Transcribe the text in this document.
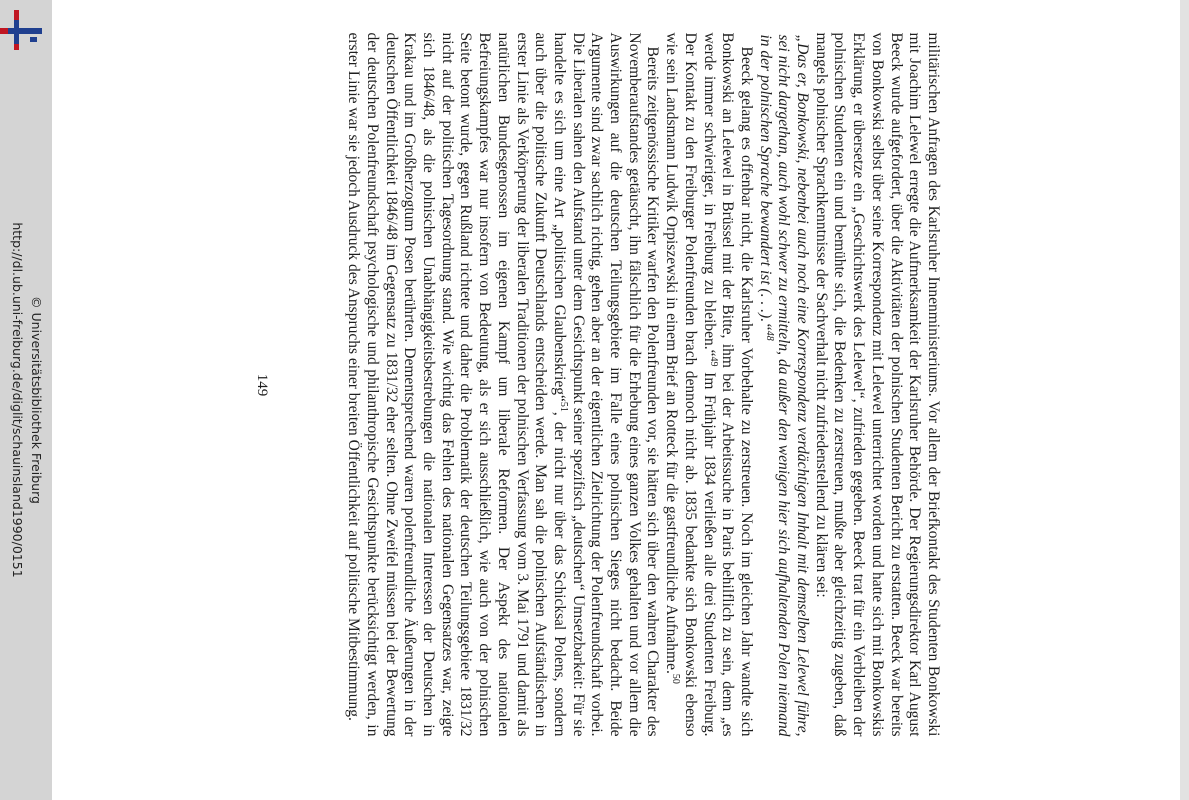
http://dl.ub.uni-freiburg.de/diglit/schauinsland1990/0151 © Universitätsbibliothek Freiburg	militärischen Anfragen des Karlsruher Innenministeriums. Vor allem der Briefkontakt des Studenten Bonkowski mit Joachim Lelewel erregte die Aufmerksamkeit der Karlsruher Behörde. Der Regierungsdirektor Karl August Beeck wurde aufgefordert, über die Aktivitäten der polnischen Studenten Bericht zu erstatten. Beeck war bereits von Bonkowski selbst über seine Korrespondenz mit Lelewel unterrichtet worden und hatte sich mit Bonkowskis Erklärung, er übersetze ein „Geschichtswerk des Lelewel“, zufrieden gegeben. Beeck trat für ein Verbleiben der polnischen Studenten ein und bemühte sich, die Bedenken zu zerstreuen, mußte aber gleichzeitig zugeben, daß mangels polnischer Sprachkenntnisse der Sachverhalt nicht zufriedenstellend zu klären sei:

„Das er, Bonkowski, nebenbei auch noch eine Korrespondenz verdächtigen Inhalt mit demselben Lelewel führe, sei nicht dargethan, auch wohl schwer zu ermitteln, da außer den wenigen hier sich aufhaltenden Polen niemand in der polnischen Sprache bewandert ist (. . .).“$^{48}$

Beeck gelang es offenbar nicht, die Karlsruher Vorbehalte zu zerstreuen. Noch im gleichen Jahr wandte sich Bonkowski an Lelewel in Brüssel mit der Bitte, ihm bei der Arbeitssuche in Paris behilflich zu sein, denn „es werde immer schwieriger, in Freiburg zu bleiben.“$^{49}$ Im Frühjahr 1834 verließen alle drei Studenten Freiburg. Der Kontakt zu den Freiburger Polenfreunden brach dennoch nicht ab. 1835 bedankte sich Bonkowski ebenso wie sein Landsmann Ludwik Orpiszewski in einem Brief an Rotteck für die gastfreundliche Aufnahme.$^{50}$

Bereits zeitgenössische Kritiker warfen den Polenfreunden vor, sie hätten sich über den wahren Charakter des Novemberaufstandes getäuscht, ihn fälschlich für die Erhebung eines ganzen Volkes gehalten und vor allem die Auswirkungen auf die deutschen Teilungsgebiete im Falle eines polnischen Sieges nicht bedacht. Beide Argumente sind zwar sachlich richtig, gehen aber an der eigentlichen Zielrichtung der Polenfreundschaft vorbei. Die Liberalen sahen den Aufstand unter dem Gesichtspunkt seiner spezifisch „deutschen“ Umsetzbarkeit: Für sie handelte es sich um eine Art „politischen Glaubenskrieg“$^{51}$, der nicht nur über das Schicksal Polens, sondern auch über die politische Zukunft Deutschlands entscheiden werde. Man sah die polnischen Aufständischen in erster Linie als Verkörperung der liberalen Traditionen der polnischen Verfassung vom 3. Mai 1791 und damit als natürlichen Bundesgenossen im eigenen Kampf um liberale Reformen. Der Aspekt des nationalen Befreiungskampfes war nur insofern von Bedeutung, als er sich ausschließlich, wie auch von der polnischen Seite betont wurde, gegen Rußland richtete und daher die Problematik der deutschen Teilungsgebiete 1831/32 nicht auf der politischen Tagesordnung stand. Wie wichtig das Fehlen des nationalen Gegensatzes war, zeigte sich 1846/48, als die polnischen Unabhängigkeitsbestrebungen die nationalen Interessen der Deutschen in Krakau und im Großherzogtum Posen berührten. Dementsprechend waren polenfreundliche Äußerungen in der deutschen Öffentlichkeit 1846/48 im Gegensatz zu 1831/32 eher selten. Ohne Zweifel müssen bei der Bewertung der deutschen Polenfreundschaft psychologische und philanthropische Gesichtspunkte berücksichtigt werden, in erster Linie war sie jedoch Ausdruck des Anspruchs einer breiten Öffentlichkeit auf politische Mitbestimmung.

149
